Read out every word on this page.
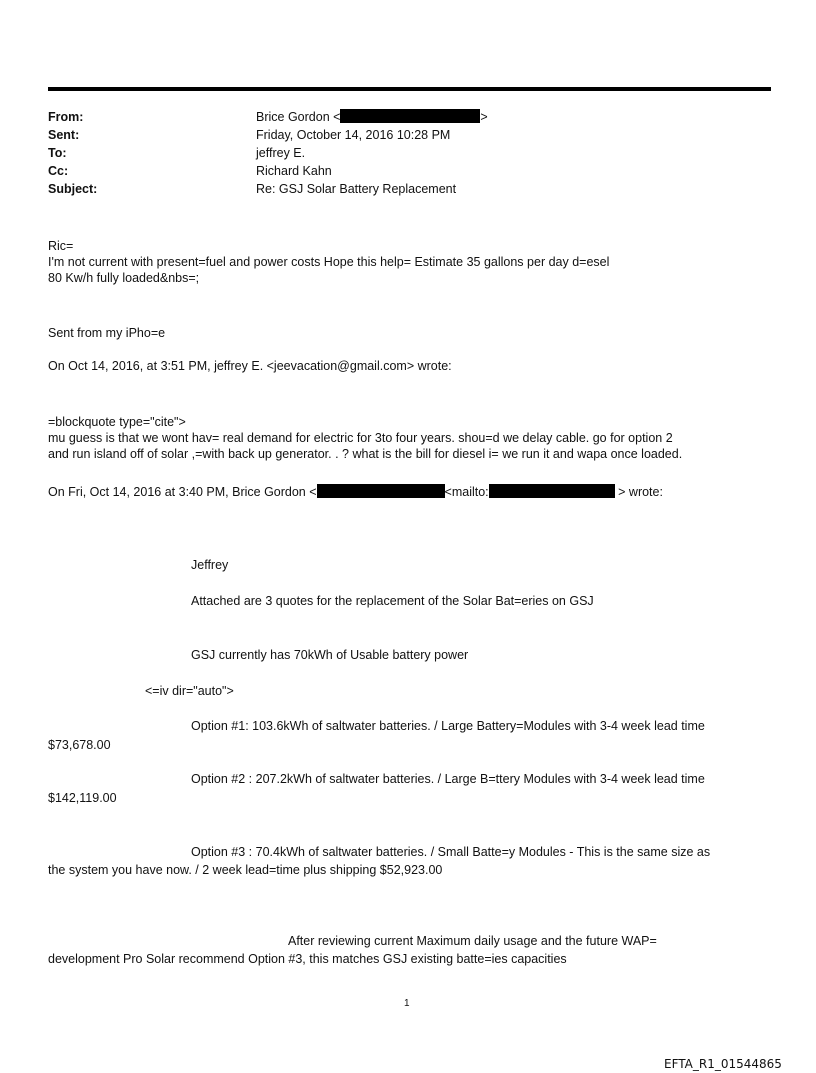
From:	Brice Gordon <	>
Sent:	Friday, October 14, 2016 10:28 PM
To:	jeffrey E.
Cc:	Richard Kahn
Subject:	Re: GSJ Solar Battery Replacement
Ric=
I'm not current with present=fuel and power costs Hope this help= Estimate 35 gallons per day d=esel
80 Kw/h fully loaded&nbs=;
Sent from my iPho=e
On Oct 14, 2016, at 3:51 PM, jeffrey E. <jeevacation@gmail.com> wrote:
=blockquote type="cite">
mu guess is that we wont hav= real demand for electric for 3to four years. shou=d we delay cable. go for option 2
and run island off of solar ,=with back up generator. . ? what is the bill for diesel i= we run it and wapa once loaded.
On Fri, Oct 14, 2016 at 3:40 PM, Brice Gordon <	<mailto:	> wrote:
Jeffrey
Attached are 3 quotes for the replacement of the Solar Bat=eries on GSJ
GSJ currently has 70kWh of Usable battery power
<=iv dir="auto">
Option #1: 103.6kWh of saltwater batteries. / Large Battery=Modules with 3-4 week lead time
$73,678.00
Option #2 : 207.2kWh of saltwater batteries. / Large B=ttery Modules with 3-4 week lead time
$142,119.00
Option #3 : 70.4kWh of saltwater batteries. / Small Batte=y Modules - This is the same size as
the system you have now. / 2 week lead=time plus shipping $52,923.00
After reviewing current Maximum daily usage and the future WAP=
development Pro Solar recommend Option #3, this matches GSJ existing batte=ies capacities
1
EFTA_R1_01544865
